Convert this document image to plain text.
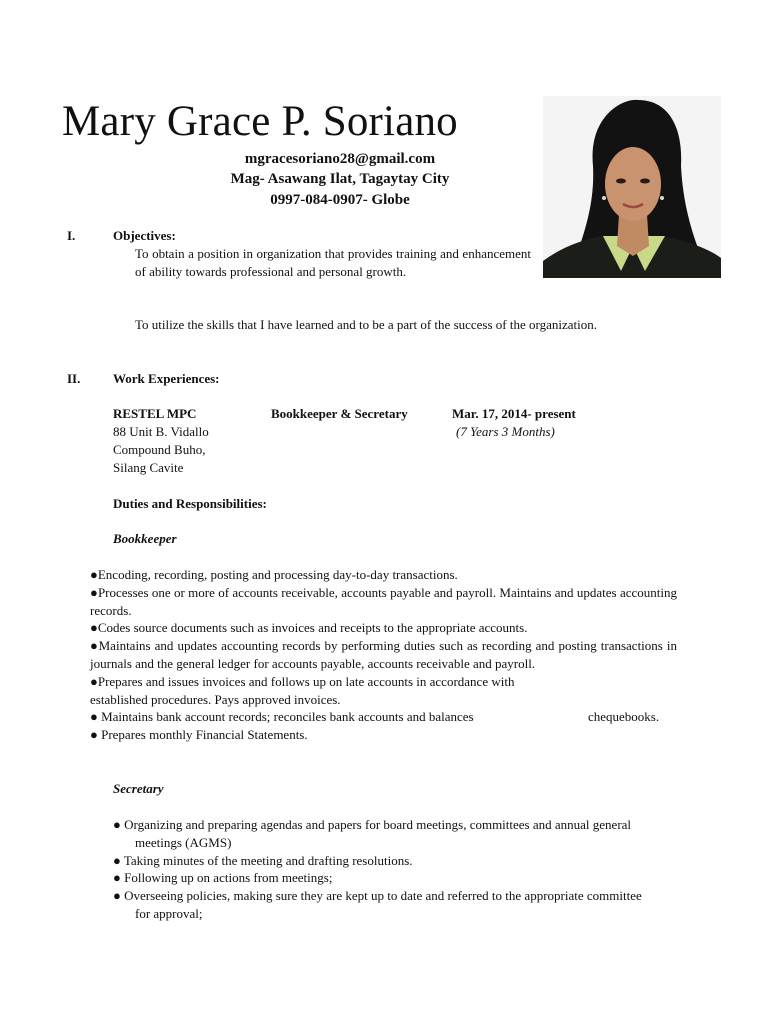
Mary Grace P. Soriano
mgracesoriano28@gmail.com
Mag- Asawang Ilat, Tagaytay City
0997-084-0907- Globe
I.	Objectives:
To obtain a position in organization that provides training and enhancement of ability towards professional and personal growth.
To utilize the skills that I have learned and to be a part of the success of the organization.
II.	Work Experiences:
RESTEL MPC	Bookkeeper & Secretary	Mar. 17, 2014- present
(7 Years 3 Months)
88 Unit B. Vidallo
Compound Buho,
Silang Cavite
Duties and Responsibilities:
Bookkeeper

●Encoding, recording, posting and processing day-to-day transactions.

●Processes one or more of accounts receivable, accounts payable and payroll. Maintains and updates accounting records.

●Codes source documents such as invoices and receipts to the appropriate accounts.

●Maintains and updates accounting records by performing duties such as recording and posting transactions in journals and the general ledger for accounts payable, accounts receivable and payroll.

●Prepares and issues invoices and follows up on late accounts in accordance with

established procedures. Pays approved invoices.

● Maintains bank account records; reconciles bank accounts and balances	chequebooks.

● Prepares monthly Financial Statements.

Secretary

● Organizing and preparing agendas and papers for board meetings, committees and annual general meetings (AGMS)

● Taking minutes of the meeting and drafting resolutions.

● Following up on actions from meetings;

● Overseeing policies, making sure they are kept up to date and referred to the appropriate committee for approval;
